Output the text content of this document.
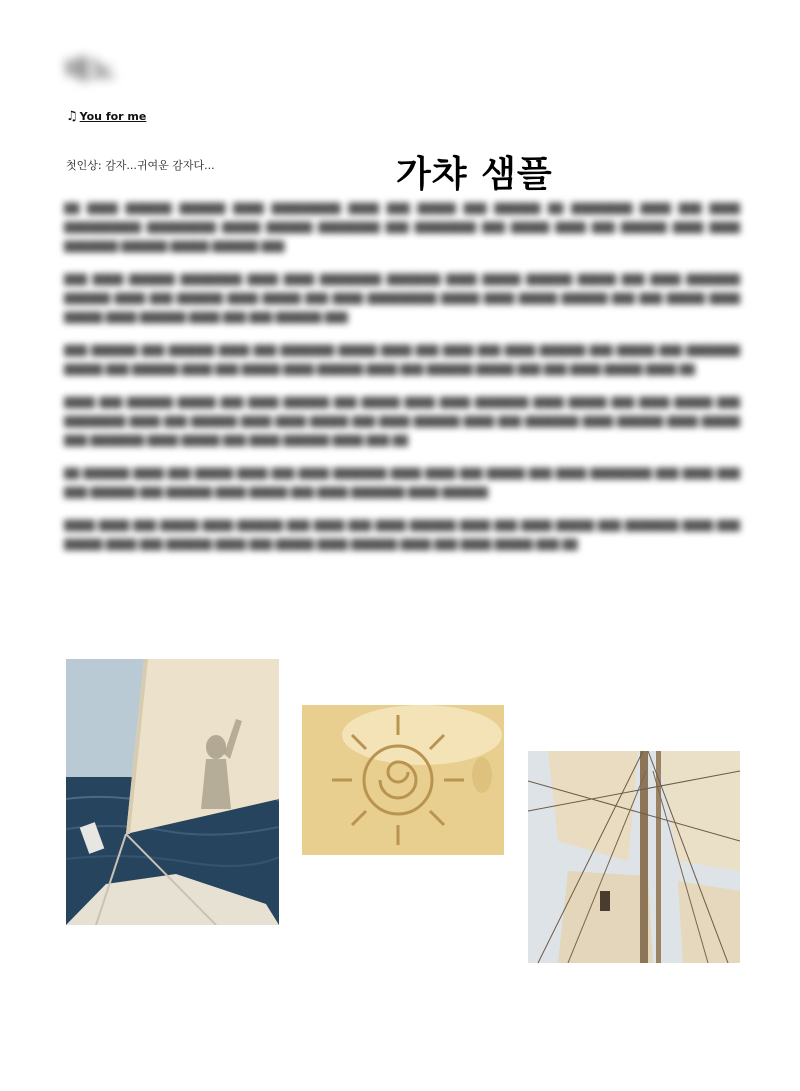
태노
♫ You for me
첫인상: 감자...귀여운 감자다...	가챠 샘플

██ ████ ██████ ██████ ████ █████████ ████ ███ █████ ███ ██████ ██ ████████ ████ ███ ████ ██████████ █████████ █████ ██████ ████████ ███ ████████ ███ █████ ████ ███ ██████ ████ ████ ███████ ██████ █████ ██████ ███

███ ████ ██████ ████████ ████ ████ ████████ ███████ ████ █████ ██████ █████ ███ ████ ███████ ██████ ████ ███ ██████ ████ █████ ███ ████ █████████ █████ ████ █████ ██████ ███ ███ █████ ████ █████ ████ ██████ ████ ███ ███ ██████ ███

███ ██████ ███ ██████ ████ ███ ███████ █████ ████ ███ ████ ███ ████ ██████ ███ █████ ███ ███████ █████ ███ ██████ ████ ███ █████ ████ ██████ ████ ███ ██████ █████ ███ ███ ████ █████ ████ ██

████ ███ ██████ █████ ███ ████ ██████ ███ █████ ████ ████ ███████ ████ █████ ███ ████ █████ ███ ████████ ████ ███ ██████ ████ ████ █████ ███ ████ ██████ ████ ███ ███████ ████ ██████ ████ █████ ███ ███████ ████ █████ ███ ████ ██████ ████ ███ ██

██ ██████ ████ ███ █████ ████ ███ ████ ███████ ████ ████ ███ █████ ███ ████ ████████ ███ ████ ███ ███ ██████ ███ ██████ ████ █████ ███ ████ ███████ ████ ██████

████ ████ ███ █████ ████ ██████ ███ ████ ███ ████ ██████ ████ ███ ████ █████ ███ ███████ ████ ███ █████ ████ ███ ██████ ████ ███ █████ ████ ██████ ████ ███ ████ █████ ███ ██
